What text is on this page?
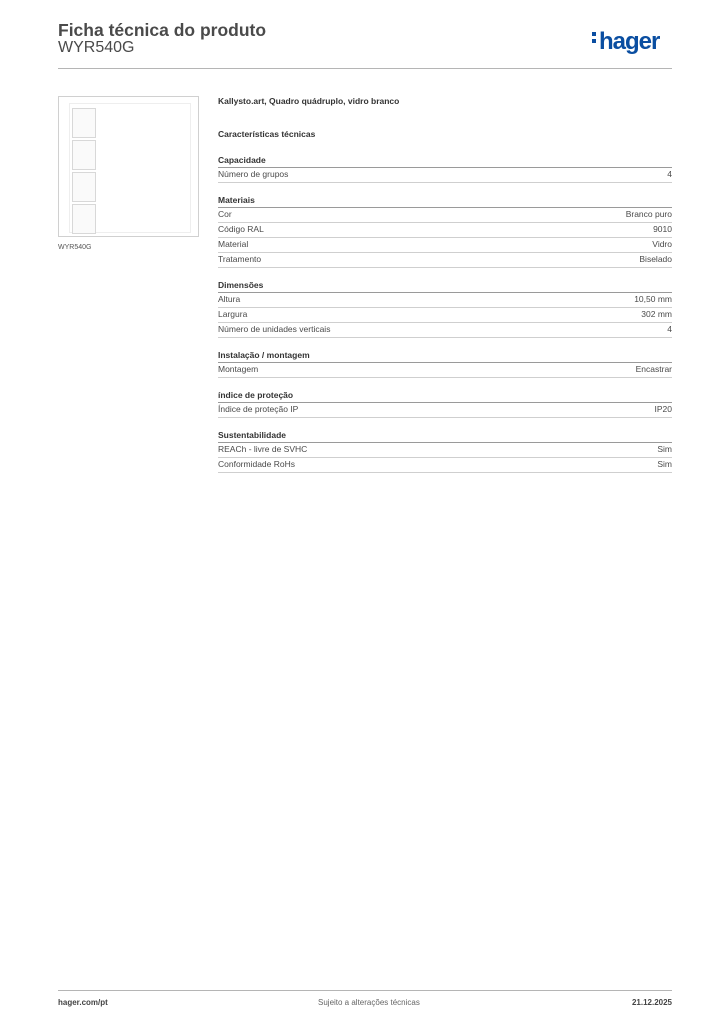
Ficha técnica do produto
WYR540G	hager
WYR540G
Kallysto.art, Quadro quádruplo, vidro branco
Características técnicas
Capacidade
Número de grupos	4
Materiais
Cor	Branco puro
Código RAL	9010
Material	Vidro
Tratamento	Biselado
Dimensões
Altura	10,50 mm
Largura	302 mm
Número de unidades verticais	4
Instalação / montagem
Montagem	Encastrar
índice de proteção
Índice de proteção IP	IP20
Sustentabilidade
REACh - livre de SVHC	Sim
Conformidade RoHs	Sim
hager.com/pt	Sujeito a alterações técnicas	21.12.2025
